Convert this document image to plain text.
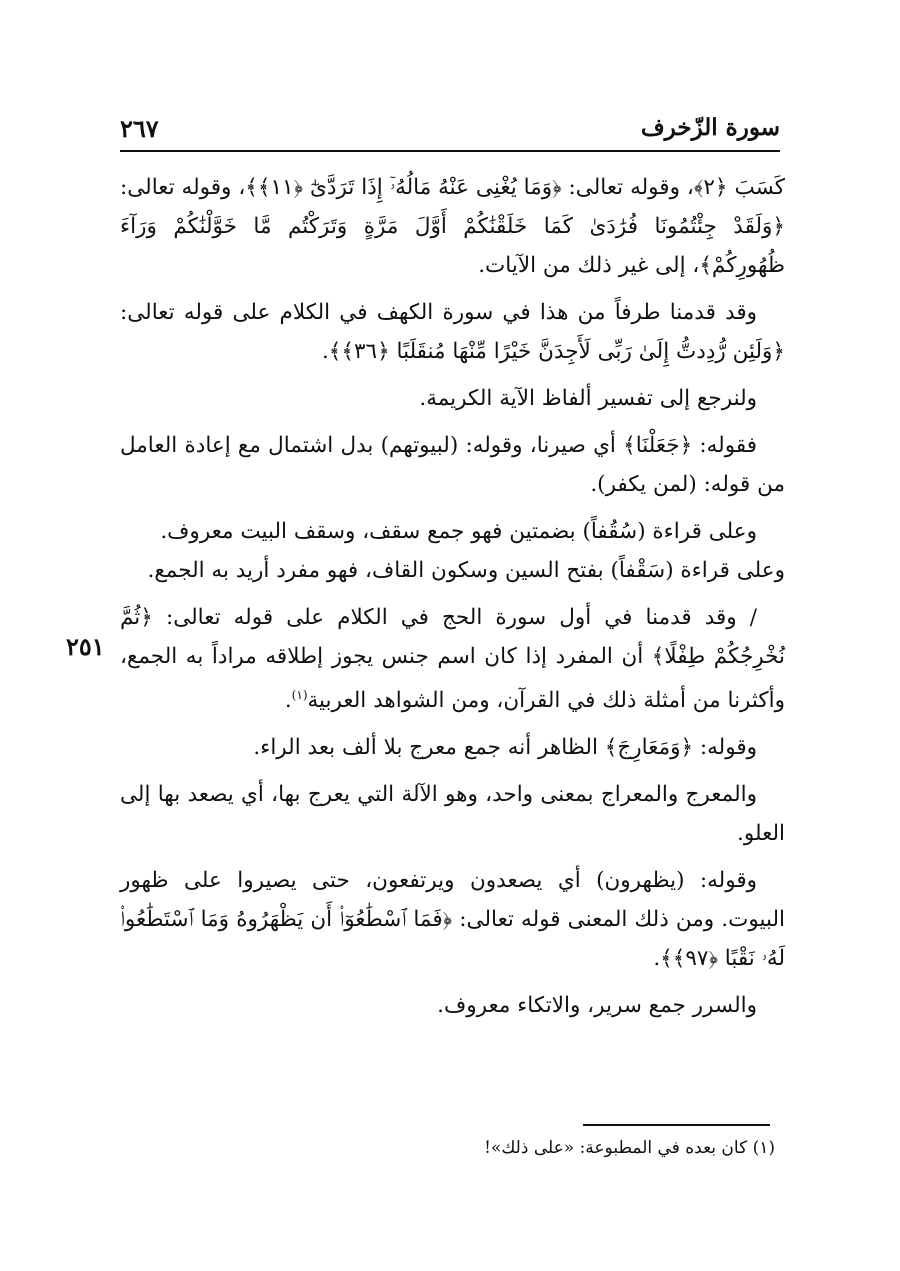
سورة الزّخرف
٢٦٧
٢٥١

كَسَبَ ﴿٢﴾، وقوله تعالى: ﴿وَمَا يُغْنِى عَنْهُ مَالُهُۥٓ إِذَا تَرَدَّىٰٓ ﴿١١﴾﴾، وقوله تعالى: ﴿وَلَقَدْ جِئْتُمُونَا فُرَٰدَىٰ كَمَا خَلَقْنَٰكُمْ أَوَّلَ مَرَّةٍ وَتَرَكْتُم مَّا خَوَّلْنَٰكُمْ وَرَآءَ ظُهُورِكُمْ﴾، إلى غير ذلك من الآيات.

وقد قدمنا طرفاً من هذا في سورة الكهف في الكلام على قوله تعالى: ﴿وَلَئِن رُّدِدتُّ إِلَىٰ رَبِّى لَأَجِدَنَّ خَيْرًا مِّنْهَا مُنقَلَبًا ﴿٣٦﴾﴾.

ولنرجع إلى تفسير ألفاظ الآية الكريمة.

فقوله: ﴿جَعَلْنَا﴾ أي صيرنا، وقوله: (لبيوتهم) بدل اشتمال مع إعادة العامل من قوله: (لمن يكفر).

وعلى قراءة (سُقُفاً) بضمتين فهو جمع سقف، وسقف البيت معروف.

وعلى قراءة (سَقْفاً) بفتح السين وسكون القاف، فهو مفرد أريد به الجمع.

/ وقد قدمنا في أول سورة الحج في الكلام على قوله تعالى: ﴿ثُمَّ نُخْرِجُكُمْ طِفْلًا﴾ أن المفرد إذا كان اسم جنس يجوز إطلاقه مراداً به الجمع، وأكثرنا من أمثلة ذلك في القرآن، ومن الشواهد العربية$^{(١)}$.

وقوله: ﴿وَمَعَارِجَ﴾ الظاهر أنه جمع معرج بلا ألف بعد الراء.

والمعرج والمعراج بمعنى واحد، وهو الآلة التي يعرج بها، أي يصعد بها إلى العلو.

وقوله: (يظهرون) أي يصعدون ويرتفعون، حتى يصيروا على ظهور البيوت. ومن ذلك المعنى قوله تعالى: ﴿فَمَا ٱسْطَٰعُوٓا۟ أَن يَظْهَرُوهُ وَمَا ٱسْتَطَٰعُوا۟ لَهُۥ نَقْبًا ﴿٩٧﴾﴾.

والسرر جمع سرير، والاتكاء معروف.

(١) كان بعده في المطبوعة: «على ذلك»!
